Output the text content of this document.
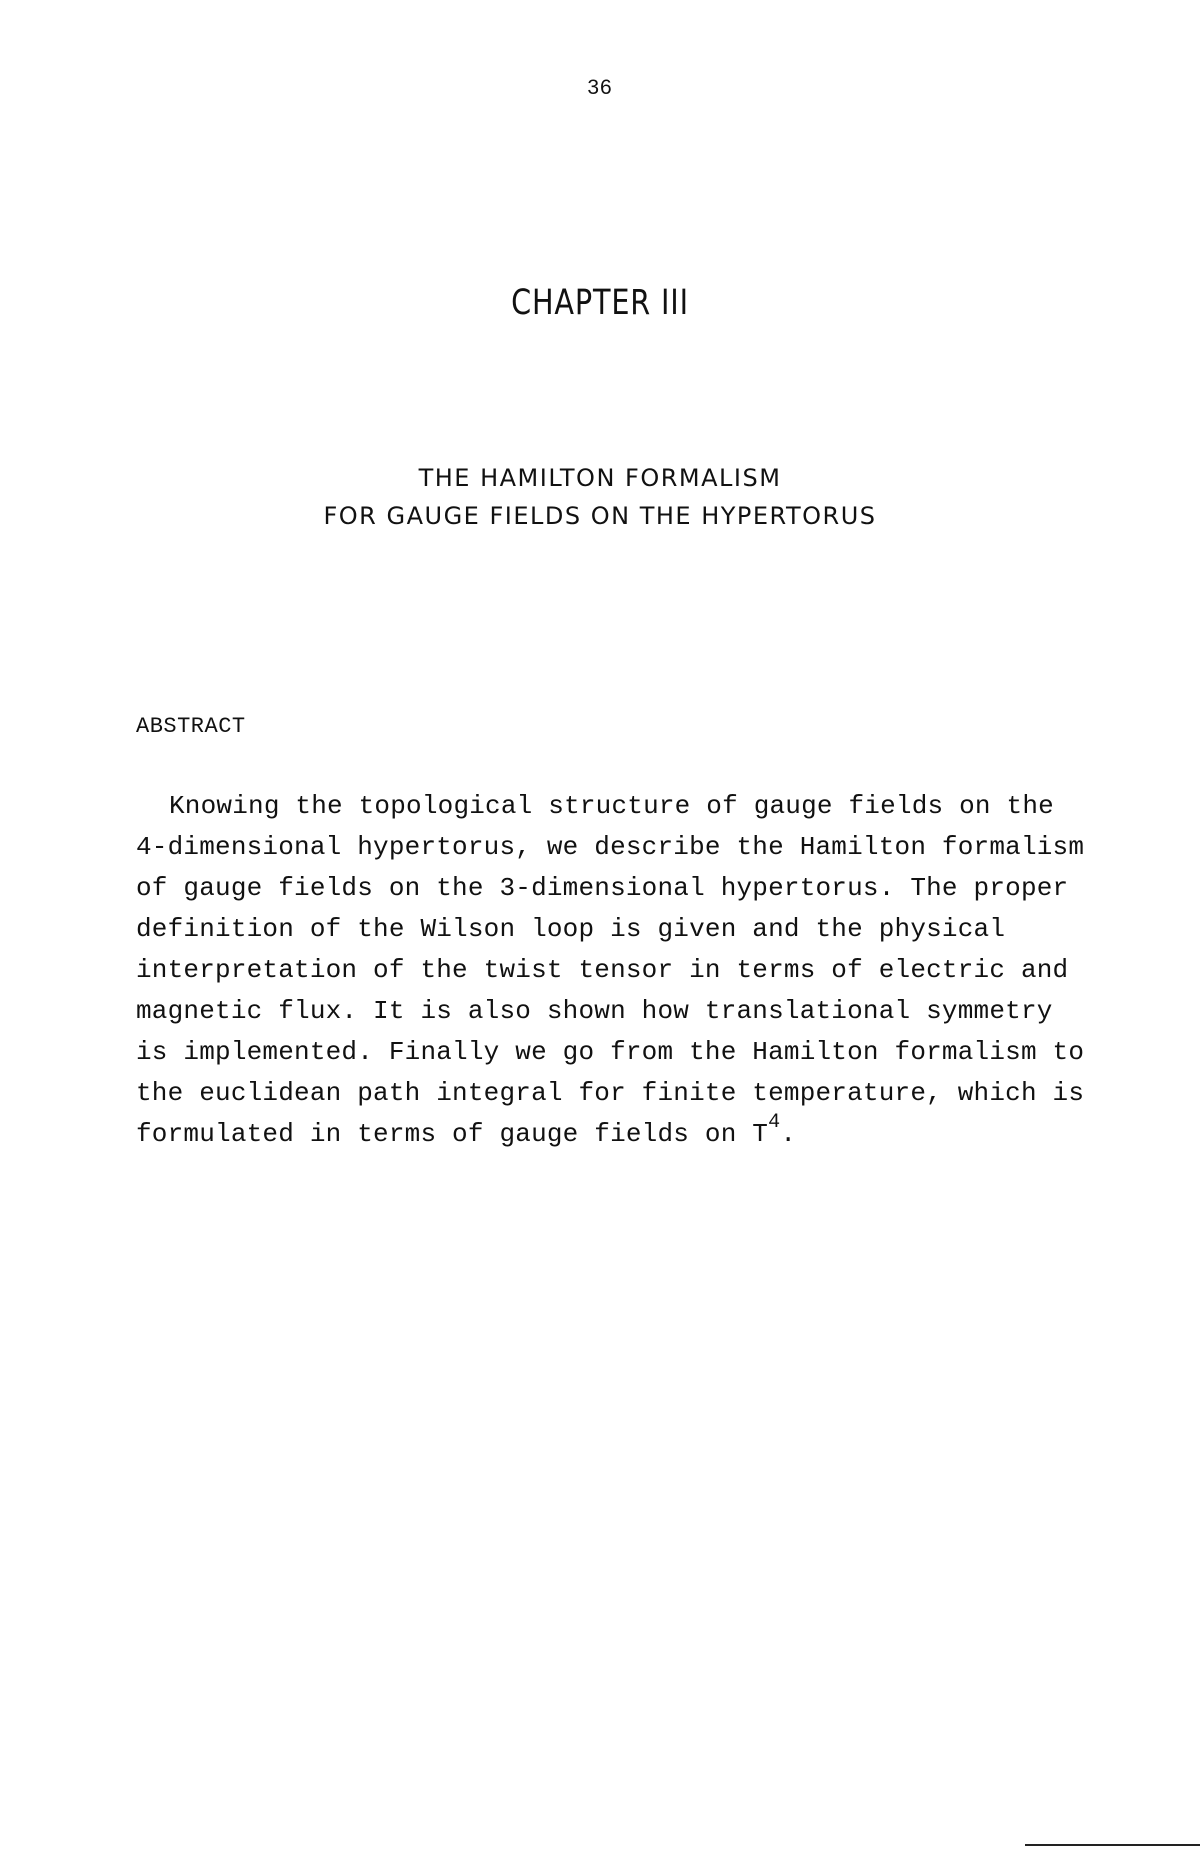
36
CHAPTER III
THE HAMILTON FORMALISM
FOR GAUGE FIELDS ON THE HYPERTORUS
ABSTRACT
Knowing the topological structure of gauge fields on the
4-dimensional hypertorus, we describe the Hamilton formalism
of gauge fields on the 3-dimensional hypertorus. The proper
definition of the Wilson loop is given and the physical
interpretation of the twist tensor in terms of electric and
magnetic flux. It is also shown how translational symmetry
is implemented. Finally we go from the Hamilton formalism to
the euclidean path integral for finite temperature, which is
formulated in terms of gauge fields on $T^4$.
